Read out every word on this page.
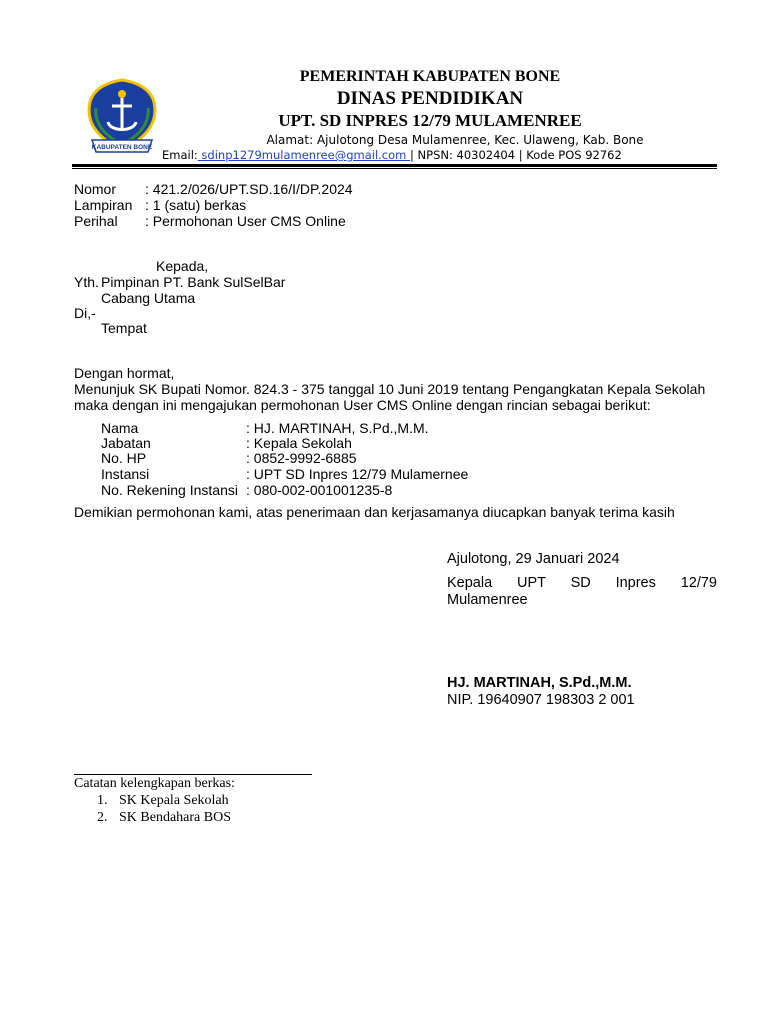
KABUPATEN BONE
PEMERINTAH KABUPATEN BONE
DINAS PENDIDIKAN
UPT. SD INPRES 12/79 MULAMENREE
Alamat: Ajulotong Desa Mulamenree, Kec. Ulaweng, Kab. Bone
Email: sdinp1279mulamenree@gmail.com | NPSN: 40302404 | Kode POS 92762
Nomor : 421.2/026/UPT.SD.16/I/DP.2024
Lampiran : 1 (satu) berkas
Perihal : Permohonan User CMS Online
Kepada,
Yth. Pimpinan PT. Bank SulSelBar
Cabang Utama
Di,-
Tempat
Dengan hormat,
Menunjuk SK Bupati Nomor. 824.3 - 375 tanggal 10 Juni 2019 tentang Pengangkatan Kepala Sekolah
maka dengan ini mengajukan permohonan User CMS Online dengan rincian sebagai berikut:
Nama	: HJ. MARTINAH, S.Pd.,M.M.
Jabatan	: Kepala Sekolah
No. HP	: 0852-9992-6885
Instansi	: UPT SD Inpres 12/79 Mulamernee
No. Rekening Instansi : 080-002-001001235-8
Demikian permohonan kami, atas penerimaan dan kerjasamanya diucapkan banyak terima kasih
Ajulotong, 29 Januari 2024
Kepala UPT SD Inpres 12/79
Mulamenree
HJ. MARTINAH, S.Pd.,M.M.
NIP. 19640907 198303 2 001
Catatan kelengkapan berkas:
1. SK Kepala Sekolah
2. SK Bendahara BOS
